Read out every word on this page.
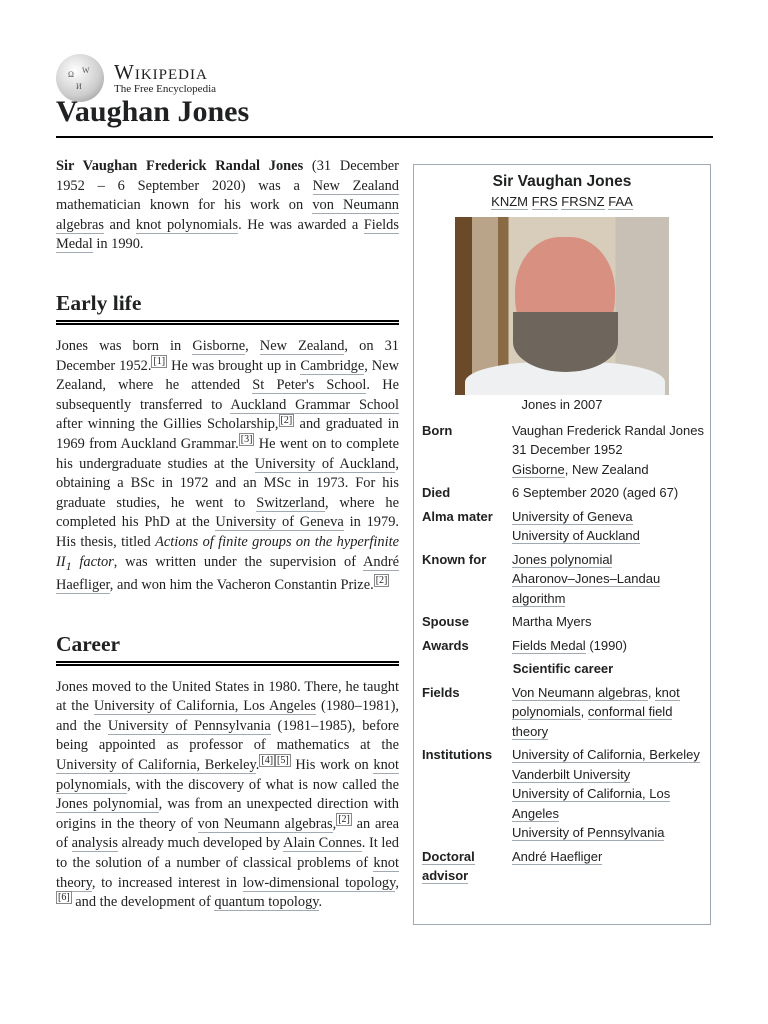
Ω W
И
Wikipedia
The Free Encyclopedia
Vaughan Jones

Sir Vaughan Frederick Randal Jones (31 December 1952 – 6 September 2020) was a New Zealand mathematician known for his work on von Neumann algebras and knot polynomials. He was awarded a Fields Medal in 1990.

Early life

Jones was born in Gisborne, New Zealand, on 31 December 1952. [1] He was brought up in Cambridge, New Zealand, where he attended St Peter's School. He subsequently transferred to Auckland Grammar School after winning the Gillies Scholarship, [2] and graduated in 1969 from Auckland Grammar. [3] He went on to complete his undergraduate studies at the University of Auckland, obtaining a BSc in 1972 and an MSc in 1973. For his graduate studies, he went to Switzerland, where he completed his PhD at the University of Geneva in 1979. His thesis, titled Actions of finite groups on the hyperfinite $II_1$ factor, was written under the supervision of André Haefliger, and won him the Vacheron Constantin Prize. [2]

Career

Jones moved to the United States in 1980. There, he taught at the University of California, Los Angeles (1980–1981), and the University of Pennsylvania (1981–1985), before being appointed as professor of mathematics at the University of California, Berkeley. [4] [5] His work on knot polynomials, with the discovery of what is now called the Jones polynomial, was from an unexpected direction with origins in the theory of von Neumann algebras, [2] an area of analysis already much developed by Alain Connes. It led to the solution of a number of classical problems of knot theory, to increased interest in low-dimensional topology,[6] and the development of quantum topology.

Sir Vaughan Jones
KNZM FRS FRSNZ FAA
Jones in 2007
Born	Vaughan Frederick Randal Jones
31 December 1952
Gisborne, New Zealand

Died	6 September 2020 (aged 67)

Alma mater	University of Geneva
University of Auckland

Known for	Jones polynomial
Aharonov–Jones–Landau algorithm

Spouse	Martha Myers

Awards	Fields Medal (1990)

Scientific career	
Fields	Von Neumann algebras, knot polynomials, conformal field theory

Institutions	University of California, Berkeley
Vanderbilt University
University of California, Los Angeles
University of Pennsylvania

Doctoral advisor	André Haefliger
